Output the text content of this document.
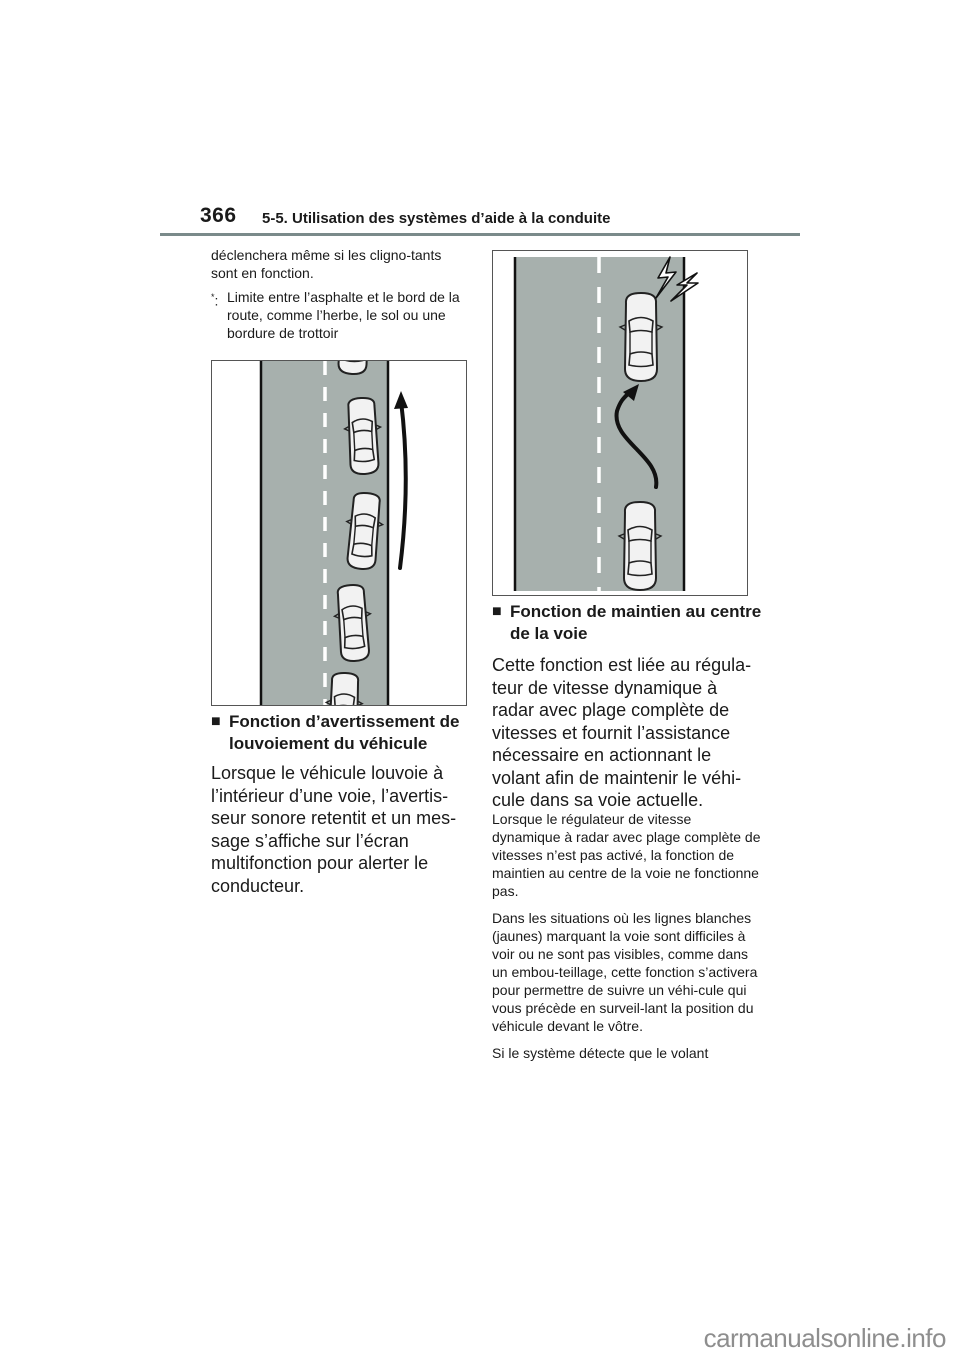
366 5-5. Utilisation des systèmes d’aide à la conduite

déclenchera même si les cligno-tants sont en fonction.

*: Limite entre l’asphalte et le bord de la route, comme l’herbe, le sol ou une bordure de trottoir

■ Fonction d’avertissement de louvoiement du véhicule

Lorsque le véhicule louvoie à l’intérieur d’une voie, l’avertis-seur sonore retentit et un mes-sage s’affiche sur l’écran multifonction pour alerter le conducteur.

■ Fonction de maintien au centre de la voie

Cette fonction est liée au régula-teur de vitesse dynamique à radar avec plage complète de vitesses et fournit l’assistance nécessaire en actionnant le volant afin de maintenir le véhi-cule dans sa voie actuelle.

Lorsque le régulateur de vitesse dynamique à radar avec plage complète de vitesses n’est pas activé, la fonction de maintien au centre de la voie ne fonctionne pas.

Dans les situations où les lignes blanches (jaunes) marquant la voie sont difficiles à voir ou ne sont pas visibles, comme dans un embou-teillage, cette fonction s’activera pour permettre de suivre un véhi-cule qui vous précède en surveil-lant la position du véhicule devant le vôtre.

Si le système détecte que le volant

carmanualsonline.info
